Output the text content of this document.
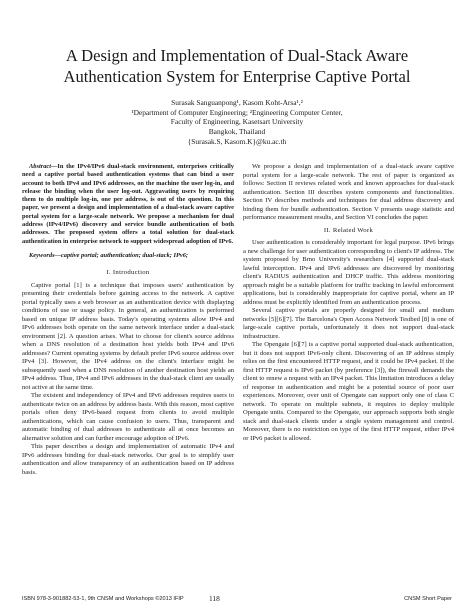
A Design and Implementation of Dual-Stack Aware
Authentication System for Enterprise Captive Portal
Surasak Sanguanpong¹, Kasom Koht-Arsa¹,²
¹Department of Computer Engineering; ²Engineering Computer Center,
Faculty of Engineering, Kasetsart University
Bangkok, Thailand
{Surasak.S, Kasom.K}@ku.ac.th

Abstract—In the IPv4/IPv6 dual-stack environment, enterprises critically need a captive portal based authentication systems that can bind a user account to both IPv4 and IPv6 addresses, on the machine the user log-in, and release the binding when the user log-out. Aggravating users by requiring them to do multiple log-in, one per address, is out of the question. In this paper, we present a design and implementation of a dual-stack aware captive portal system for a large-scale network. We propose a mechanism for dual address (IPv4/IPv6) discovery and service bundle authentication of both addresses. The proposed system offers a total solution for dual-stack authentication in enterprise network to support widespread adoption of IPv6.

Keywords—captive portal; authentication; dual-stack; IPv6;

I. Introduction

Captive portal [1] is a technique that imposes users' authentication by presenting their credentials before gaining access to the network. A captive portal typically uses a web browser as an authentication device with displaying conditions of use or usage policy. In general, an authentication is performed based on unique IP address basis. Today's operating systems allow IPv4 and IPv6 addresses both operate on the same network interface under a dual-stack environment [2]. A question arises. What to choose for client's source address when a DNS resolution of a destination host yields both IPv4 and IPv6 addresses? Current operating systems by default prefer IPv6 source address over IPv4 [3]. However, the IPv4 address on the client's interface might be subsequently used when a DNS resolution of another destination host yields an IPv4 address. Thus, IPv4 and IPv6 addresses in the dual-stack client are usually not active at the same time.

The existent and independency of IPv4 and IPv6 addresses requires users to authenticate twice on an address by address basis. With this reason, most captive portals often deny IPv6-based request from clients to avoid multiple authentications, which can cause confusion to users. Thus, transparent and automatic binding of dual addresses to authenticate all at once becomes an alternative solution and can further encourage adoption of IPv6.

This paper describes a design and implementation of automatic IPv4 and IPv6 addresses binding for dual-stack networks. Our goal is to simplify user authentication and allow transparency of an authentication based on IP address basis.

We propose a design and implementation of a dual-stack aware captive portal system for a large-scale network. The rest of paper is organized as follows: Section II reviews related work and known approaches for dual-stack authentication. Section III describes system components and functionalities. Section IV describes methods and techniques for dual address discovery and binding them for bundle authentication. Section V presents usage statistic and performance measurement results, and Section VI concludes the paper.

II. Related Work

User authentication is considerably important for legal purpose. IPv6 brings a new challenge for user authentication corresponding to client's IP address. The system proposed by Brno University's researchers [4] supported dual-stack lawful interception. IPv4 and IPv6 addresses are discovered by monitoring client's RADIUS authentication and DHCP traffic. This address monitoring approach might be a suitable platform for traffic tracking in lawful enforcement applications, but is considerably inappropriate for captive portal, where an IP address must be explicitly identified from an authentication process.

Several captive portals are properly designed for small and medium networks [5][6][7]. The Barcelona's Open Access Network Testbed [8] is one of large-scale captive portals, unfortunately it does not support dual-stack infrastructure.

The Opengate [6][7] is a captive portal supported dual-stack authentication, but it does not support IPv6-only client. Discovering of an IP address simply relies on the first encountered HTTP request, and it could be IPv4 packet. If the first HTTP request is IPv6 packet (by preference [3]), the firewall demands the client to renew a request with an IPv4 packet. This limitation introduces a delay of response in authentication and might be a potential source of poor user experiences. Moreover, over unit of Opengate can support only one of class C network. To operate on multiple subnets, it requires to deploy multiple Opengate units. Compared to the Opengate, our approach supports both single stack and dual-stack clients under a single system management and control. Moreover, there is no restriction on type of the first HTTP request, either IPv4 or IPv6 packet is allowed.

ISBN 978-3-901882-53-1, 9th CNSM and Workshops ©2013 IFIP	118	CNSM Short Paper
